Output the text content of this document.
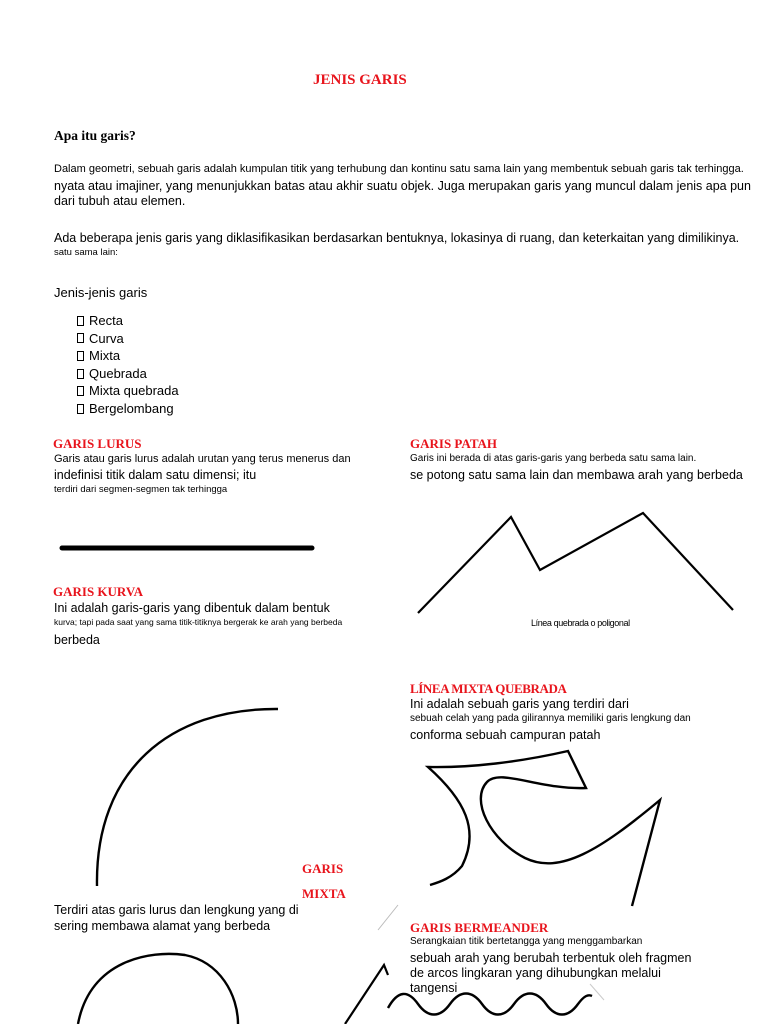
JENIS GARIS
Apa itu garis?
Dalam geometri, sebuah garis adalah kumpulan titik yang terhubung dan kontinu satu sama lain yang membentuk sebuah garis tak terhingga.
nyata atau imajiner, yang menunjukkan batas atau akhir suatu objek. Juga merupakan garis yang muncul dalam jenis apa pun
dari tubuh atau elemen.
Ada beberapa jenis garis yang diklasifikasikan berdasarkan bentuknya, lokasinya di ruang, dan keterkaitan yang dimilikinya.
satu sama lain:
Jenis-jenis garis
Recta
Curva
Mixta
Quebrada
Mixta quebrada
Bergelombang
GARIS LURUS
Garis atau garis lurus adalah urutan yang terus menerus dan
indefinisi titik dalam satu dimensi; itu
terdiri dari segmen-segmen tak terhingga
GARIS PATAH
Garis ini berada di atas garis-garis yang berbeda satu sama lain.
se potong satu sama lain dan membawa arah yang berbeda
Línea quebrada o poligonal
GARIS KURVA
Ini adalah garis-garis yang dibentuk dalam bentuk
kurva; tapi pada saat yang sama titik-titiknya bergerak ke arah yang berbeda
berbeda
LÍNEA MIXTA QUEBRADA
Ini adalah sebuah garis yang terdiri dari
sebuah celah yang pada gilirannya memiliki garis lengkung dan
conforma sebuah campuran patah
GARIS
MIXTA
Terdiri atas garis lurus dan lengkung yang di
sering membawa alamat yang berbeda	GARIS BERMEANDER
Serangkaian titik bertetangga yang menggambarkan
sebuah arah yang berubah terbentuk oleh fragmen
de arcos lingkaran yang dihubungkan melalui
tangensi
